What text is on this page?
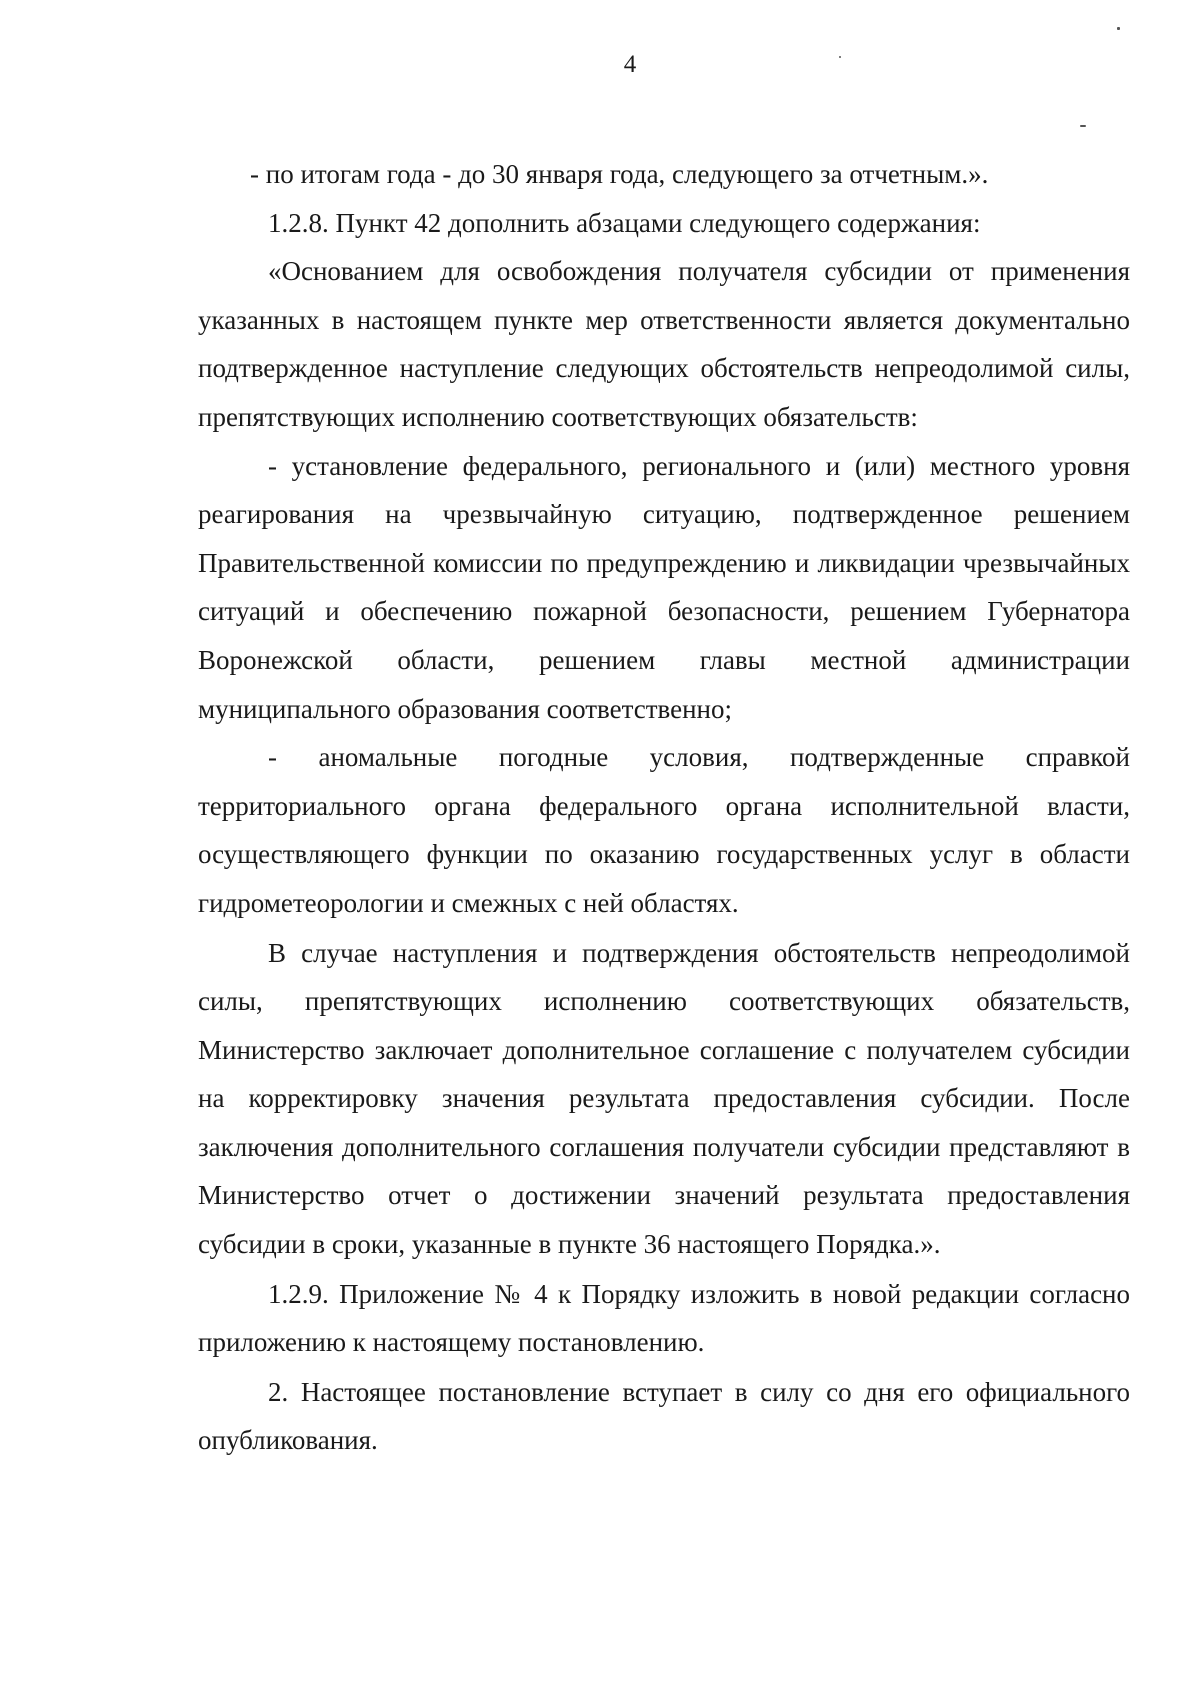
4

- по итогам года - до 30 января года, следующего за отчетным.».

1.2.8. Пункт 42 дополнить абзацами следующего содержания:

«Основанием для освобождения получателя субсидии от применения указанных в настоящем пункте мер ответственности является документально подтвержденное наступление следующих обстоятельств непреодолимой силы, препятствующих исполнению соответствующих обязательств:

- установление федерального, регионального и (или) местного уровня реагирования на чрезвычайную ситуацию, подтвержденное решением Правительственной комиссии по предупреждению и ликвидации чрезвычайных ситуаций и обеспечению пожарной безопасности, решением Губернатора Воронежской области, решением главы местной администрации муниципального образования соответственно;

- аномальные погодные условия, подтвержденные справкой территориального органа федерального органа исполнительной власти, осуществляющего функции по оказанию государственных услуг в области гидрометеорологии и смежных с ней областях.

В случае наступления и подтверждения обстоятельств непреодолимой силы, препятствующих исполнению соответствующих обязательств, Министерство заключает дополнительное соглашение с получателем субсидии на корректировку значения результата предоставления субсидии. После заключения дополнительного соглашения получатели субсидии представляют в Министерство отчет о достижении значений результата предоставления субсидии в сроки, указанные в пункте 36 настоящего Порядка.».

1.2.9. Приложение № 4 к Порядку изложить в новой редакции согласно приложению к настоящему постановлению.

2. Настоящее постановление вступает в силу со дня его официального опубликования.
